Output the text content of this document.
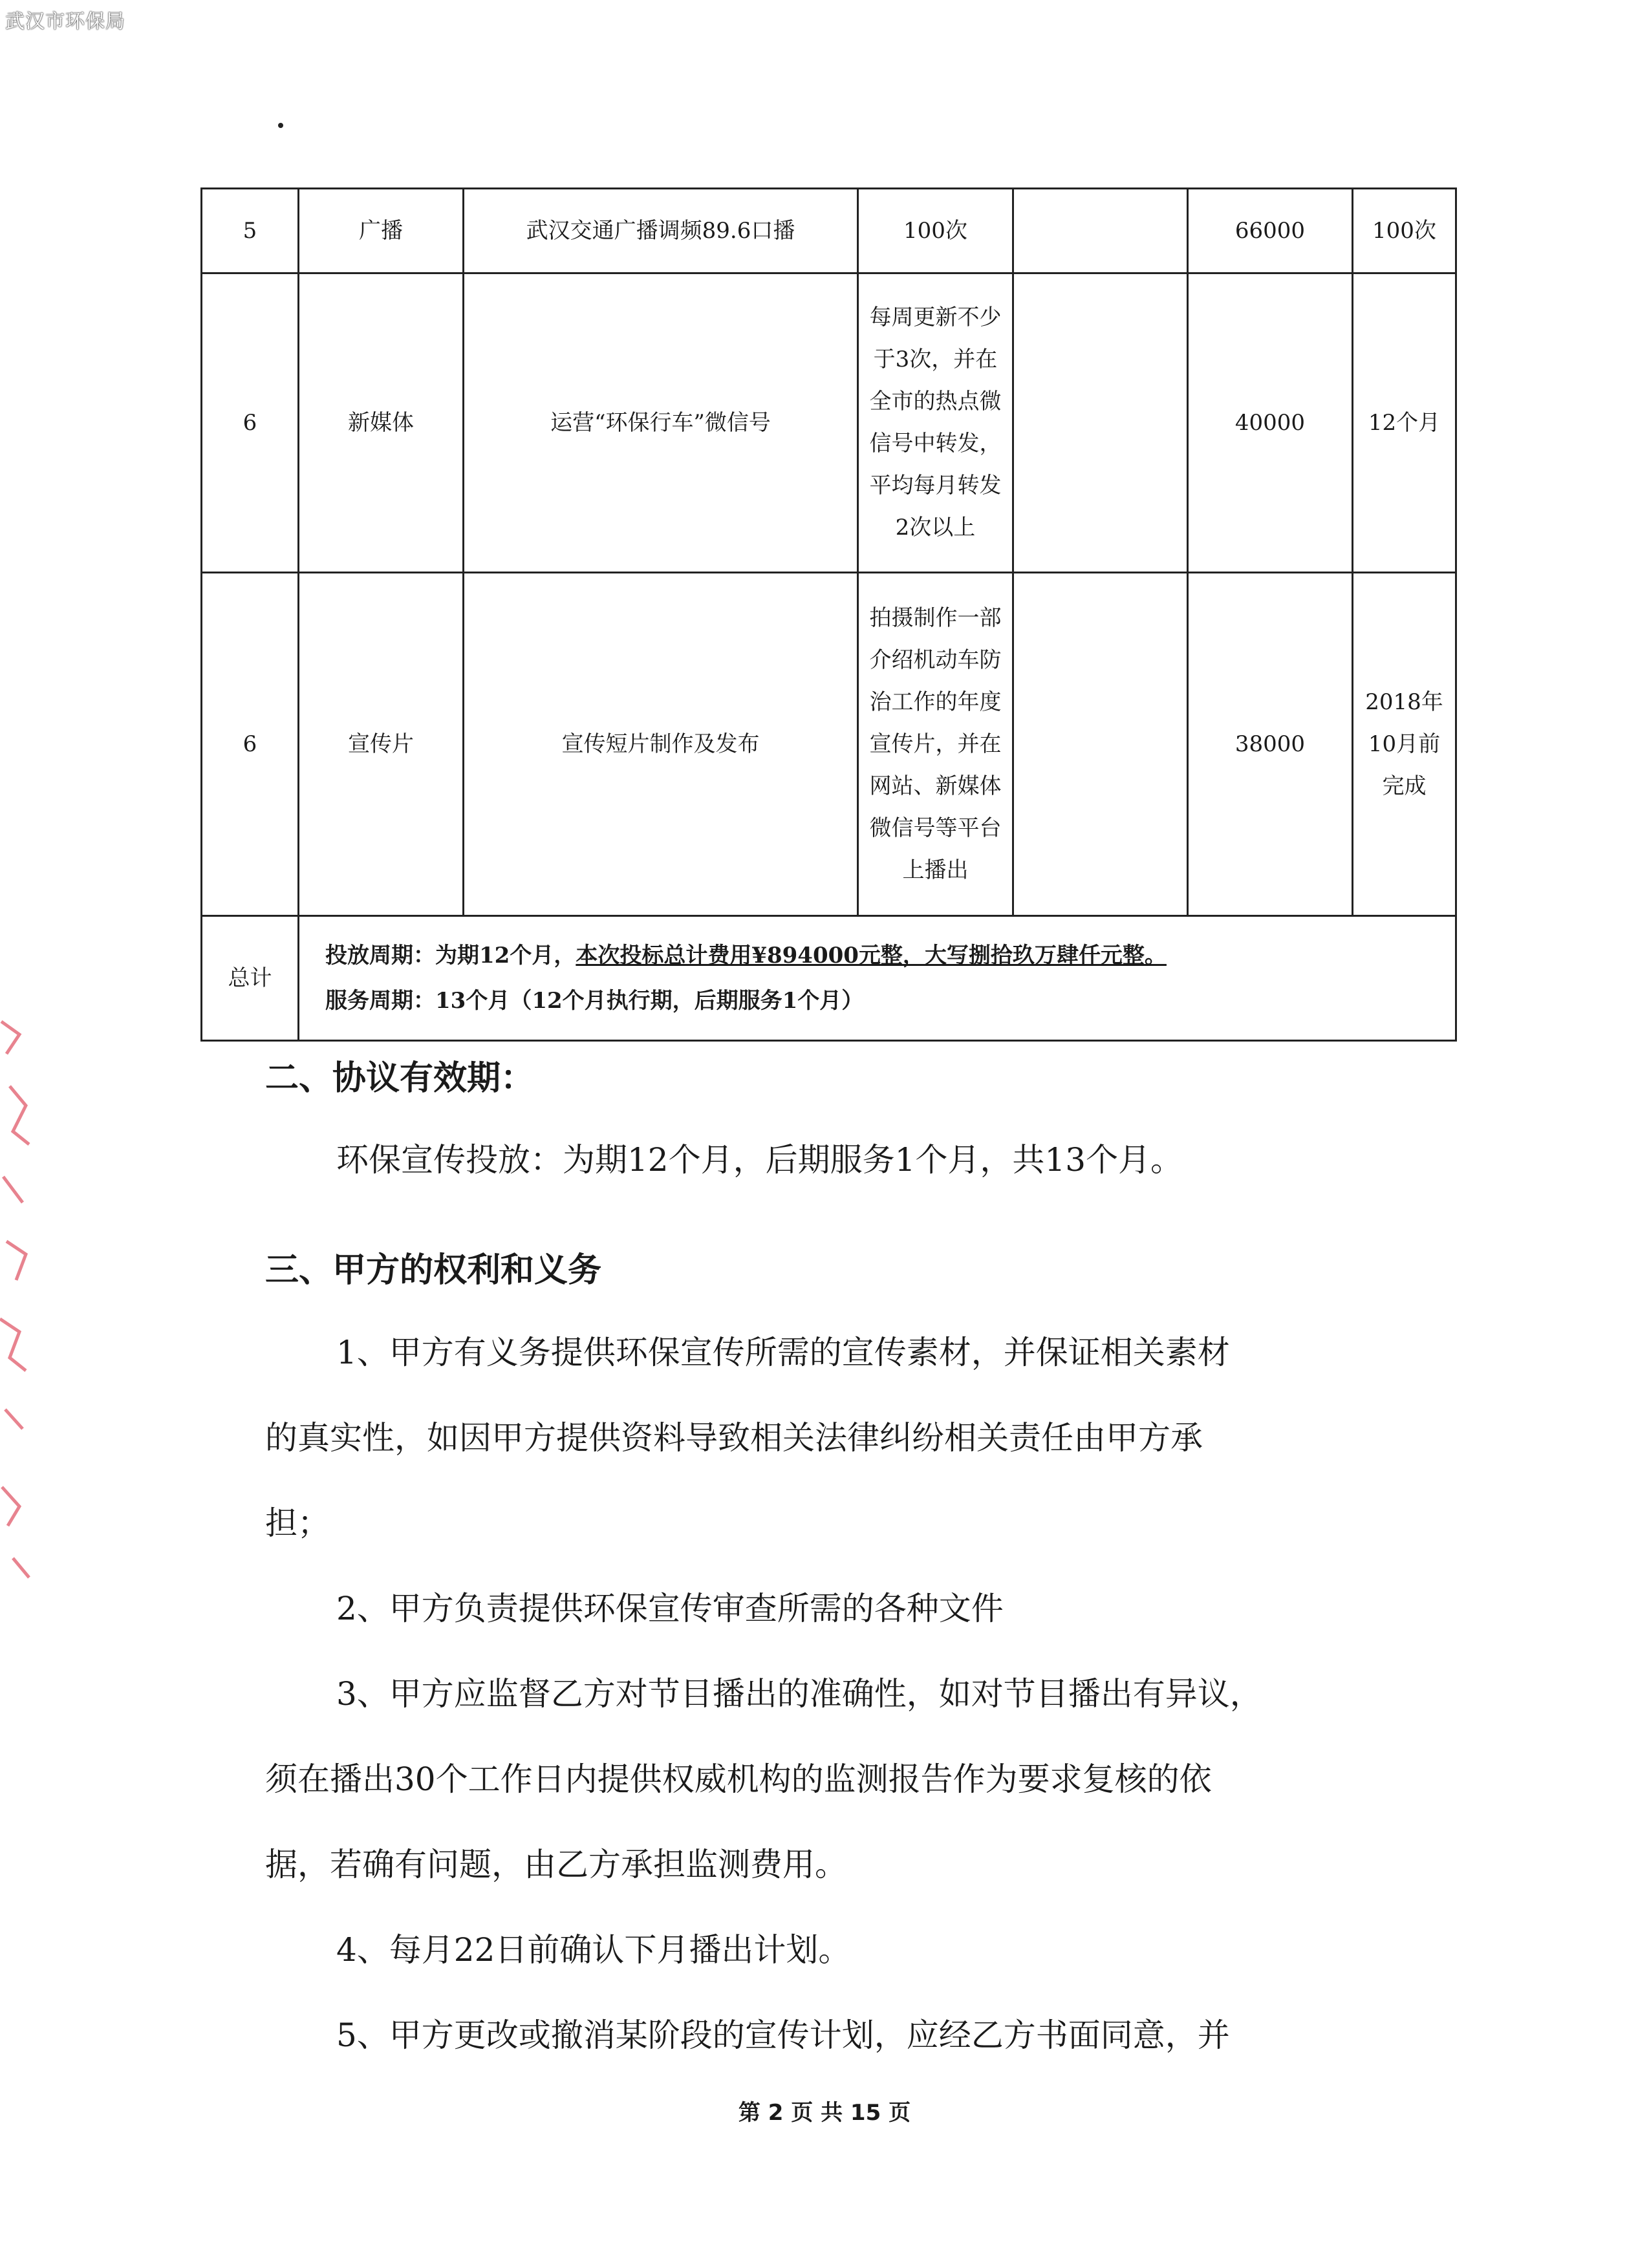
武汉市环保局
5	广播	武汉交通广播调频89.6口播	100次		66000	100次
6	新媒体	运营“环保行车”微信号	每周更新不少于3次，并在全市的热点微信号中转发，平均每月转发2次以上		40000	12个月
6	宣传片	宣传短片制作及发布	拍摄制作一部介绍机动车防治工作的年度宣传片，并在网站、新媒体微信号等平台上播出		38000	2018年10月前完成
总计	投放周期：为期12个月，本次投标总计费用¥894000元整，大写捌拾玖万肆仟元整。
服务周期：13个月（12个月执行期，后期服务1个月）					
二、协议有效期：
环保宣传投放：为期12个月，后期服务1个月，共13个月。
三、甲方的权利和义务
1、甲方有义务提供环保宣传所需的宣传素材，并保证相关素材
的真实性，如因甲方提供资料导致相关法律纠纷相关责任由甲方承
担；
2、甲方负责提供环保宣传审查所需的各种文件
3、甲方应监督乙方对节目播出的准确性，如对节目播出有异议，
须在播出30个工作日内提供权威机构的监测报告作为要求复核的依
据，若确有问题，由乙方承担监测费用。
4、每月22日前确认下月播出计划。
5、甲方更改或撤消某阶段的宣传计划，应经乙方书面同意，并
第 2 页 共 15 页
